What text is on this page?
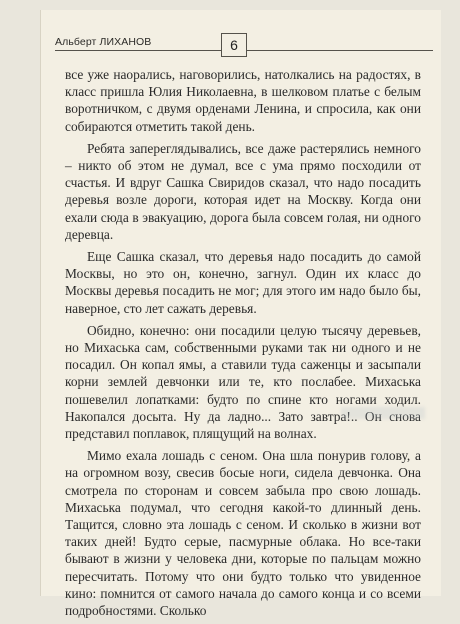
Альберт ЛИХАНОВ	6

все уже наорались, наговорились, натолкались на радостях, в класс пришла Юлия Николаевна, в шелковом платье с белым воротничком, с двумя орденами Ленина, и спросила, как они собираются отметить такой день.

Ребята запереглядывались, все даже растерялись немного – никто об этом не думал, все с ума прямо посходили от счастья. И вдруг Сашка Свиридов сказал, что надо посадить деревья возле дороги, которая идет на Москву. Когда они ехали сюда в эвакуацию, дорога была совсем голая, ни одного деревца.

Еще Сашка сказал, что деревья надо посадить до самой Москвы, но это он, конечно, загнул. Один их класс до Москвы деревья посадить не мог; для этого им надо было бы, наверное, сто лет сажать деревья.

Обидно, конечно: они посадили целую тысячу деревьев, но Михаська сам, собственными руками так ни одного и не посадил. Он копал ямы, а ставили туда саженцы и засыпали корни землей девчонки или те, кто послабее. Михаська пошевелил лопатками: будто по спине кто ногами ходил. Накопался досыта. Ну да ладно... Зато завтра!.. Он снова представил поплавок, плящущий на волнах.

Мимо ехала лошадь с сеном. Она шла понурив голову, а на огромном возу, свесив босые ноги, сидела девчонка. Она смотрела по сторонам и совсем забыла про свою лошадь. Михаська подумал, что сегодня какой-то длинный день. Тащится, словно эта лошадь с сеном. И сколько в жизни вот таких дней! Будто серые, пасмурные облака. Но все-таки бывают в жизни у человека дни, которые по пальцам можно пересчитать. Потому что они будто только что увиденное кино: помнится от самого начала до самого конца и со всеми подробностями. Сколько
